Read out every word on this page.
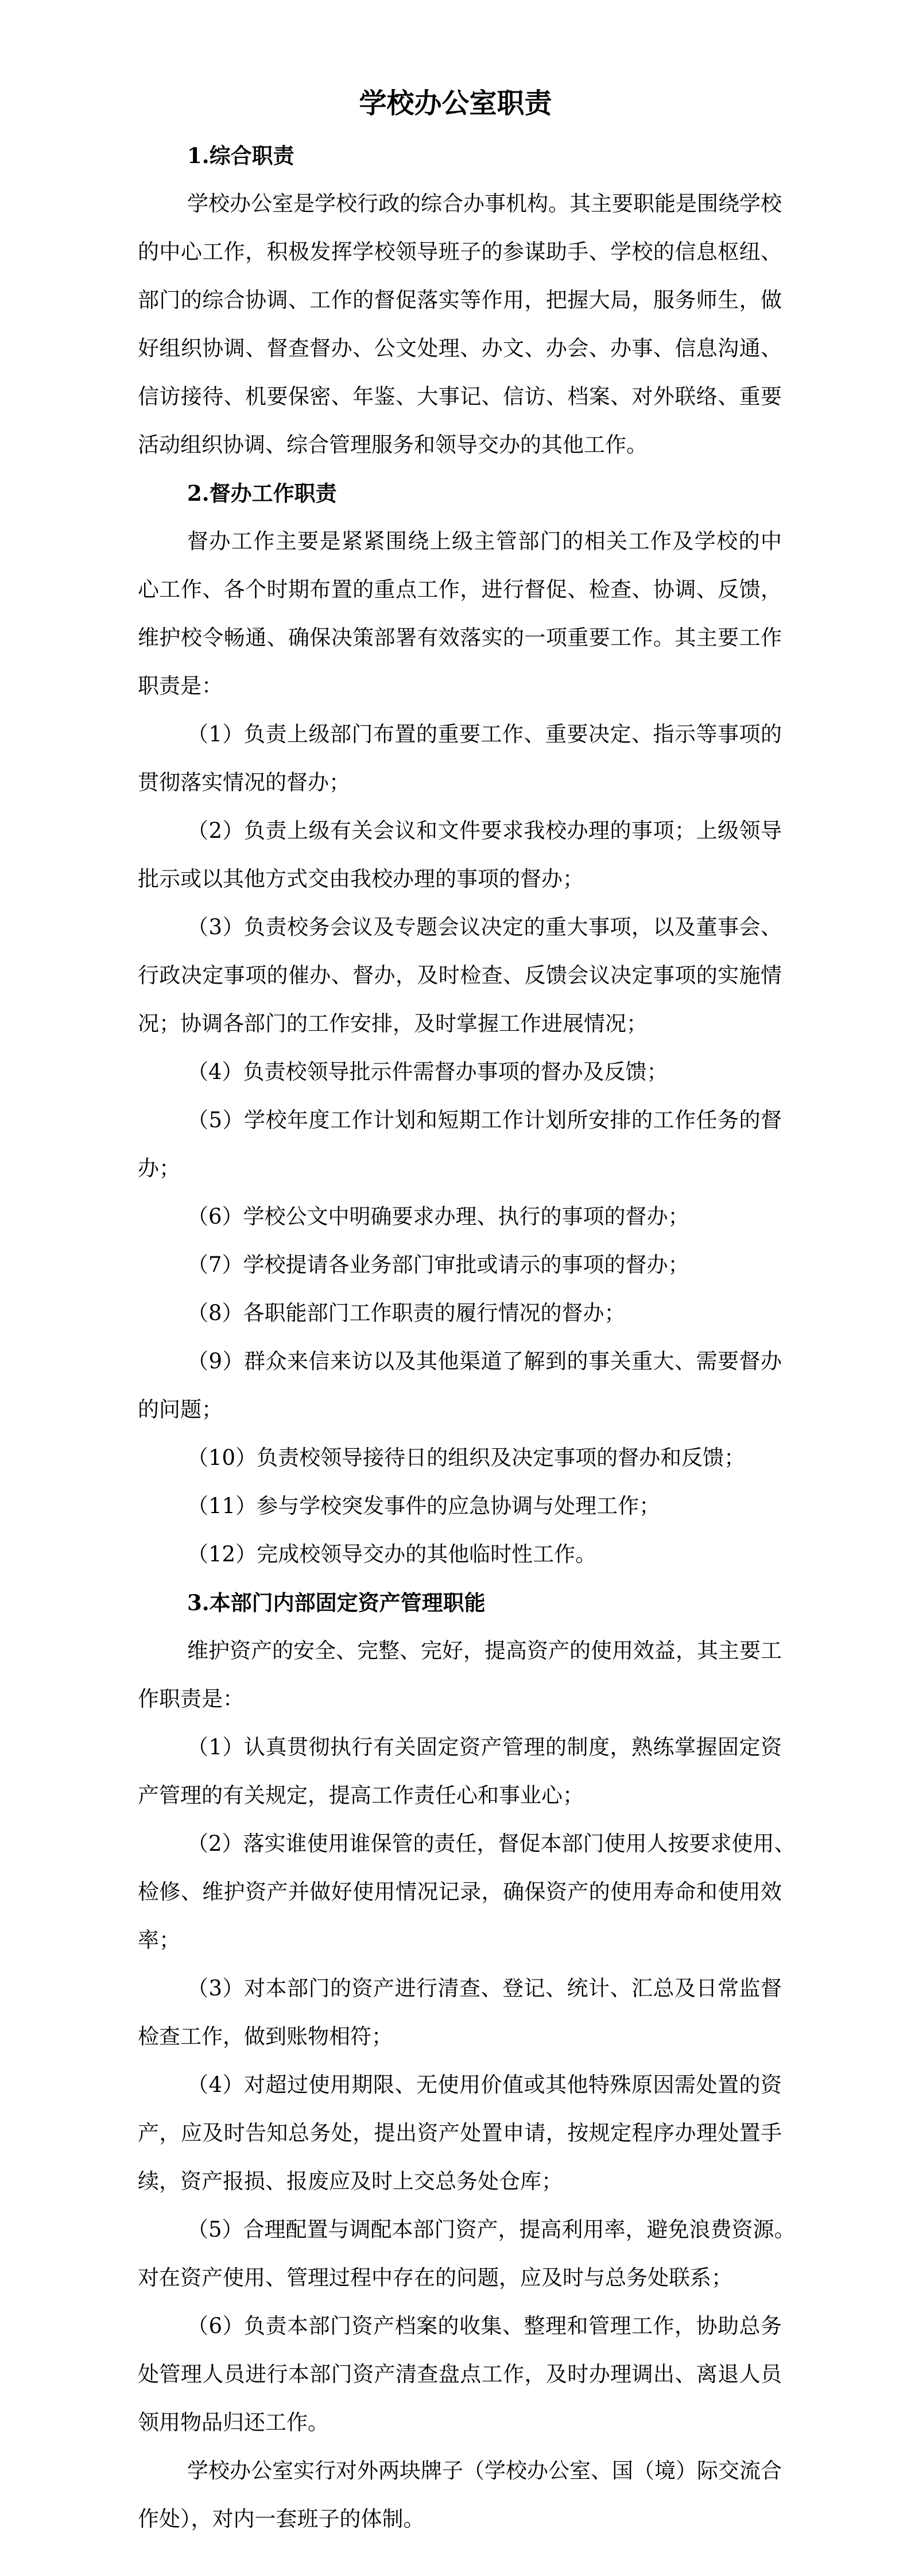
学校办公室职责
1.综合职责
学校办公室是学校行政的综合办事机构。其主要职能是围绕学校
的中心工作，积极发挥学校领导班子的参谋助手、学校的信息枢纽、
部门的综合协调、工作的督促落实等作用，把握大局，服务师生，做
好组织协调、督查督办、公文处理、办文、办会、办事、信息沟通、
信访接待、机要保密、年鉴、大事记、信访、档案、对外联络、重要
活动组织协调、综合管理服务和领导交办的其他工作。
2.督办工作职责
督办工作主要是紧紧围绕上级主管部门的相关工作及学校的中
心工作、各个时期布置的重点工作，进行督促、检查、协调、反馈，
维护校令畅通、确保决策部署有效落实的一项重要工作。其主要工作
职责是：
（1）负责上级部门布置的重要工作、重要决定、指示等事项的
贯彻落实情况的督办；
（2）负责上级有关会议和文件要求我校办理的事项；上级领导
批示或以其他方式交由我校办理的事项的督办；
（3）负责校务会议及专题会议决定的重大事项，以及董事会、
行政决定事项的催办、督办，及时检查、反馈会议决定事项的实施情
况；协调各部门的工作安排，及时掌握工作进展情况；
（4）负责校领导批示件需督办事项的督办及反馈；
（5）学校年度工作计划和短期工作计划所安排的工作任务的督
办；
（6）学校公文中明确要求办理、执行的事项的督办；
（7）学校提请各业务部门审批或请示的事项的督办；
（8）各职能部门工作职责的履行情况的督办；
（9）群众来信来访以及其他渠道了解到的事关重大、需要督办
的问题；
（10）负责校领导接待日的组织及决定事项的督办和反馈；
（11）参与学校突发事件的应急协调与处理工作；
（12）完成校领导交办的其他临时性工作。
3.本部门内部固定资产管理职能
维护资产的安全、完整、完好，提高资产的使用效益，其主要工
作职责是：
（1）认真贯彻执行有关固定资产管理的制度，熟练掌握固定资
产管理的有关规定，提高工作责任心和事业心；
（2）落实谁使用谁保管的责任，督促本部门使用人按要求使用、
检修、维护资产并做好使用情况记录，确保资产的使用寿命和使用效
率；
（3）对本部门的资产进行清查、登记、统计、汇总及日常监督
检查工作，做到账物相符；
（4）对超过使用期限、无使用价值或其他特殊原因需处置的资
产，应及时告知总务处，提出资产处置申请，按规定程序办理处置手
续，资产报损、报废应及时上交总务处仓库；
（5）合理配置与调配本部门资产，提高利用率，避免浪费资源。
对在资产使用、管理过程中存在的问题，应及时与总务处联系；
（6）负责本部门资产档案的收集、整理和管理工作，协助总务
处管理人员进行本部门资产清查盘点工作，及时办理调出、离退人员
领用物品归还工作。
学校办公室实行对外两块牌子（学校办公室、国（境）际交流合
作处），对内一套班子的体制。
